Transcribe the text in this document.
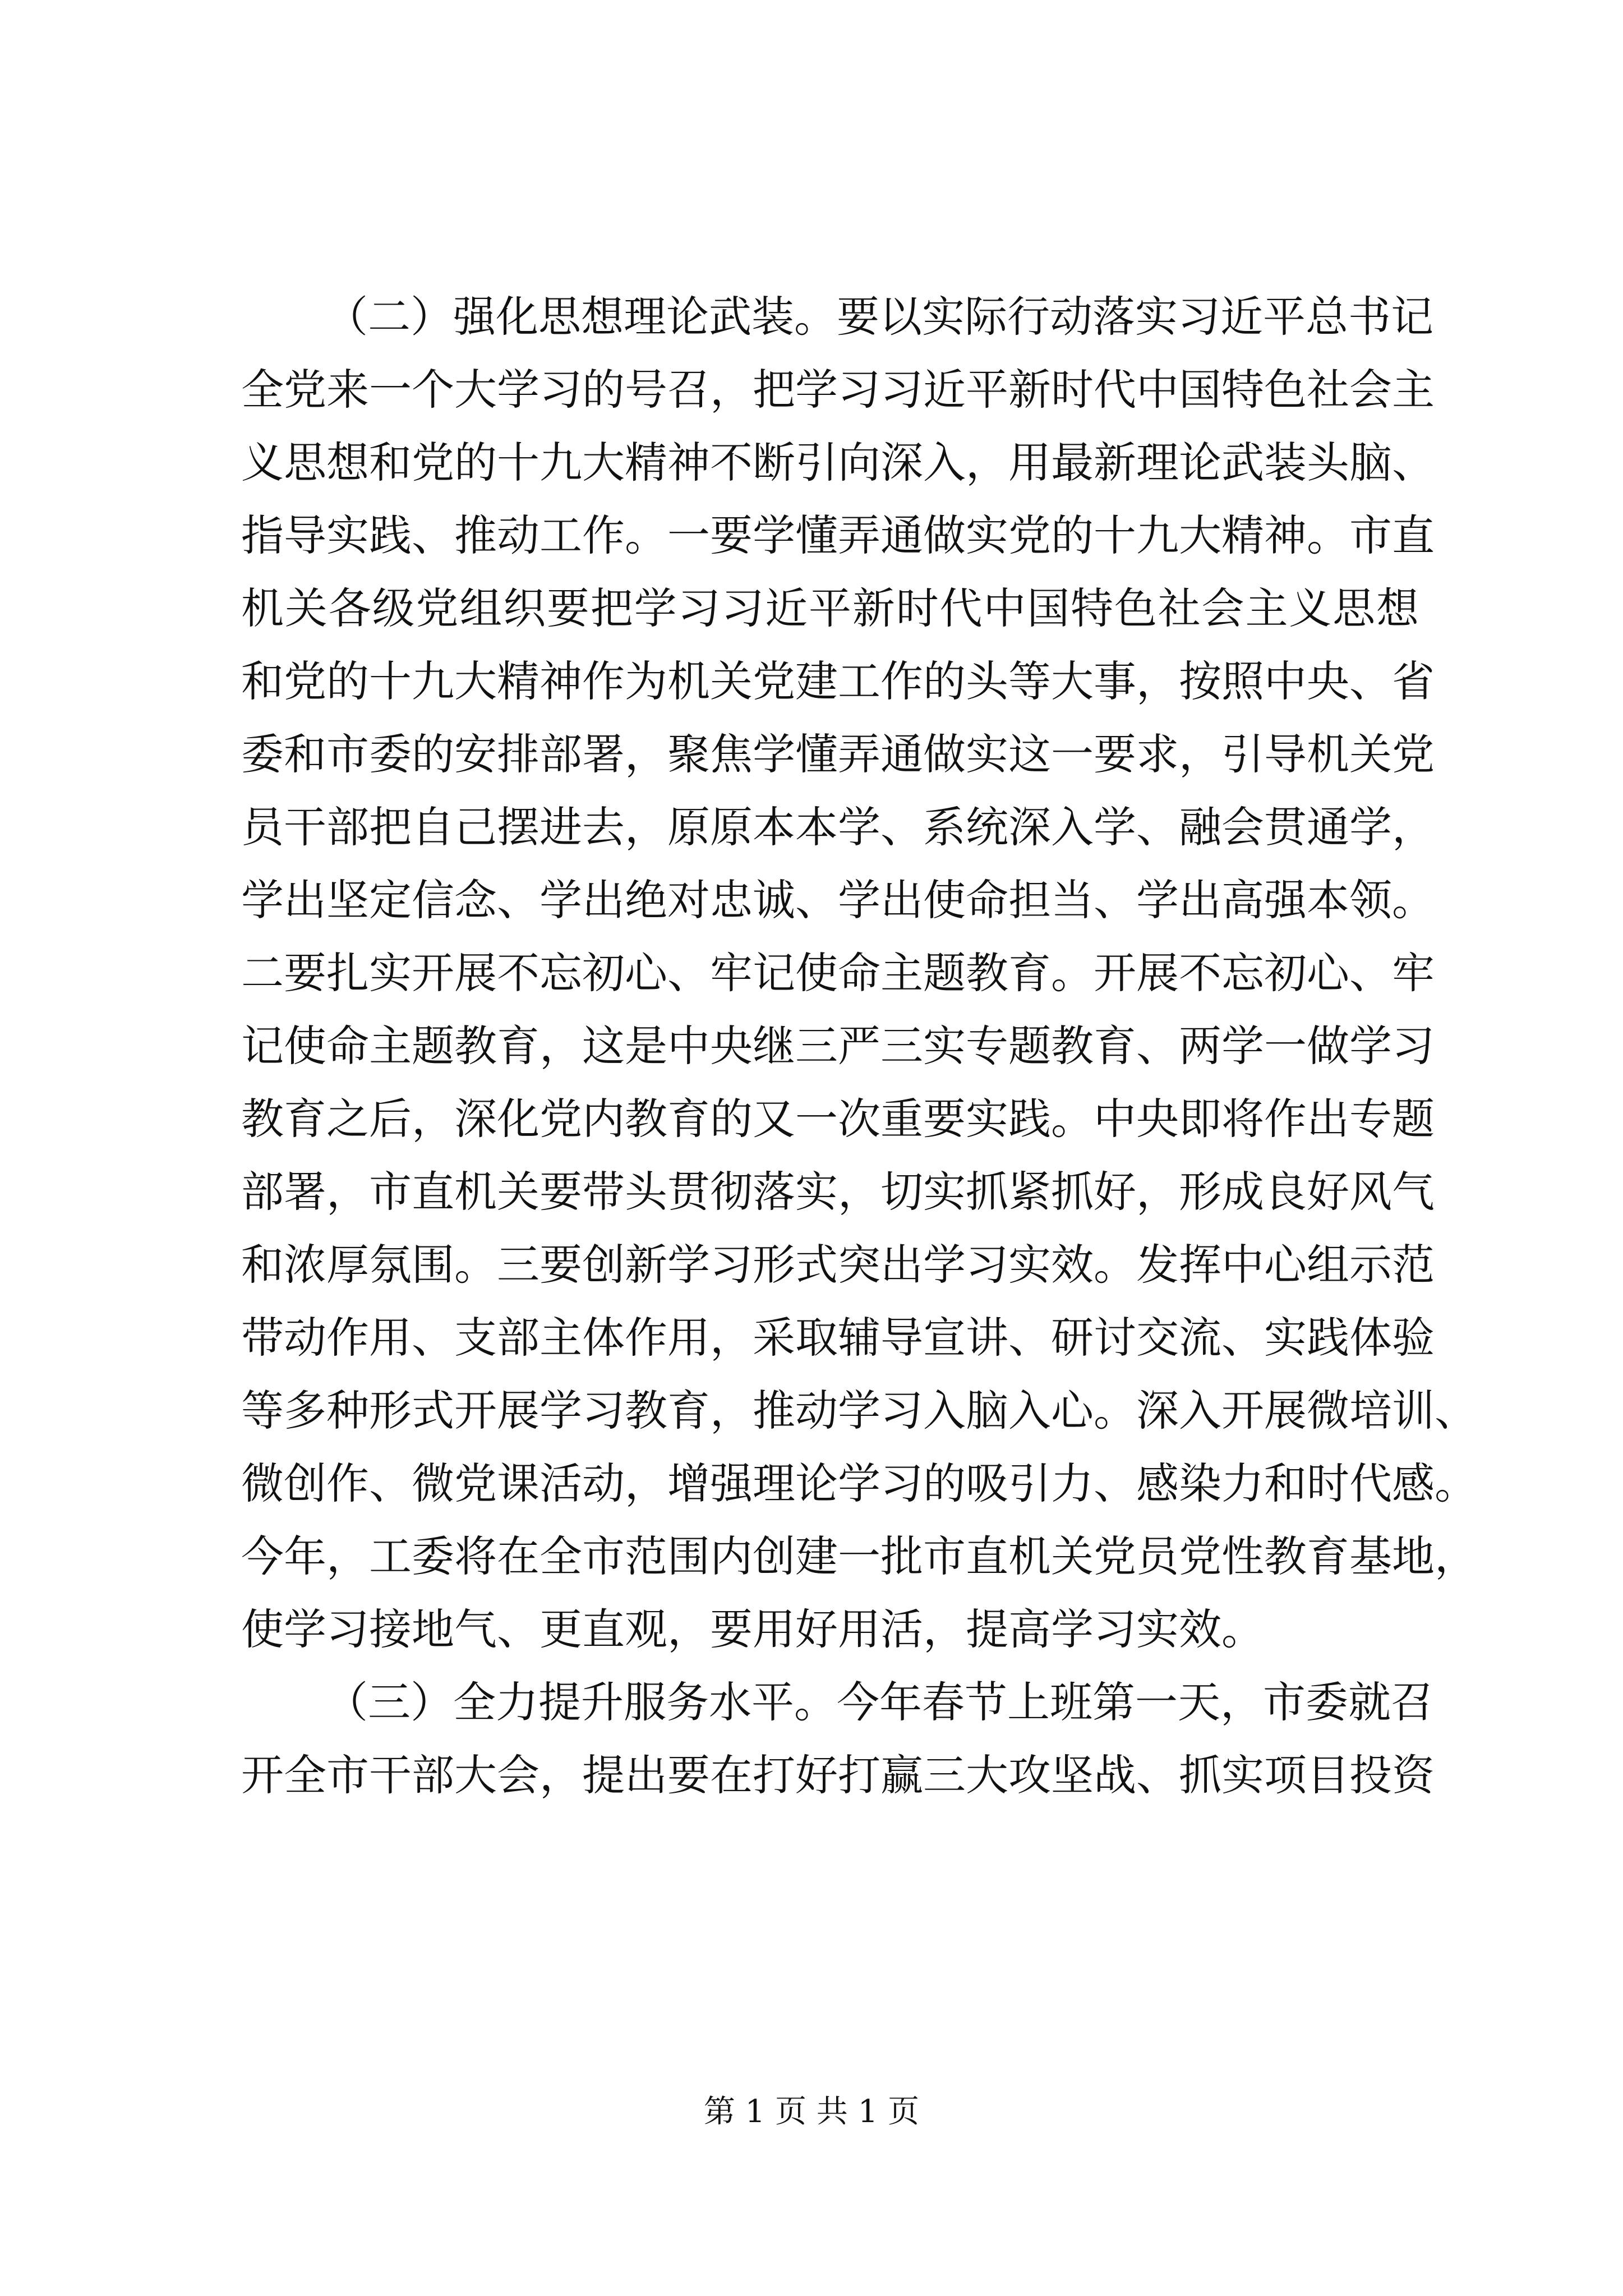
（二）强化思想理论武装。要以实际行动落实习近平总书记
全党来一个大学习的号召，把学习习近平新时代中国特色社会主
义思想和党的十九大精神不断引向深入，用最新理论武装头脑、
指导实践、推动工作。一要学懂弄通做实党的十九大精神。市直
机关各级党组织要把学习习近平新时代中国特色社会主义思想
和党的十九大精神作为机关党建工作的头等大事，按照中央、省
委和市委的安排部署，聚焦学懂弄通做实这一要求，引导机关党
员干部把自己摆进去，原原本本学、系统深入学、融会贯通学，
学出坚定信念、学出绝对忠诚、学出使命担当、学出高强本领。
二要扎实开展不忘初心、牢记使命主题教育。开展不忘初心、牢
记使命主题教育，这是中央继三严三实专题教育、两学一做学习
教育之后，深化党内教育的又一次重要实践。中央即将作出专题
部署，市直机关要带头贯彻落实，切实抓紧抓好，形成良好风气
和浓厚氛围。三要创新学习形式突出学习实效。发挥中心组示范
带动作用、支部主体作用，采取辅导宣讲、研讨交流、实践体验
等多种形式开展学习教育，推动学习入脑入心。深入开展微培训、
微创作、微党课活动，增强理论学习的吸引力、感染力和时代感。
今年，工委将在全市范围内创建一批市直机关党员党性教育基地，
使学习接地气、更直观，要用好用活，提高学习实效。
（三）全力提升服务水平。今年春节上班第一天，市委就召
开全市干部大会，提出要在打好打赢三大攻坚战、抓实项目投资
第 1 页 共 1 页
